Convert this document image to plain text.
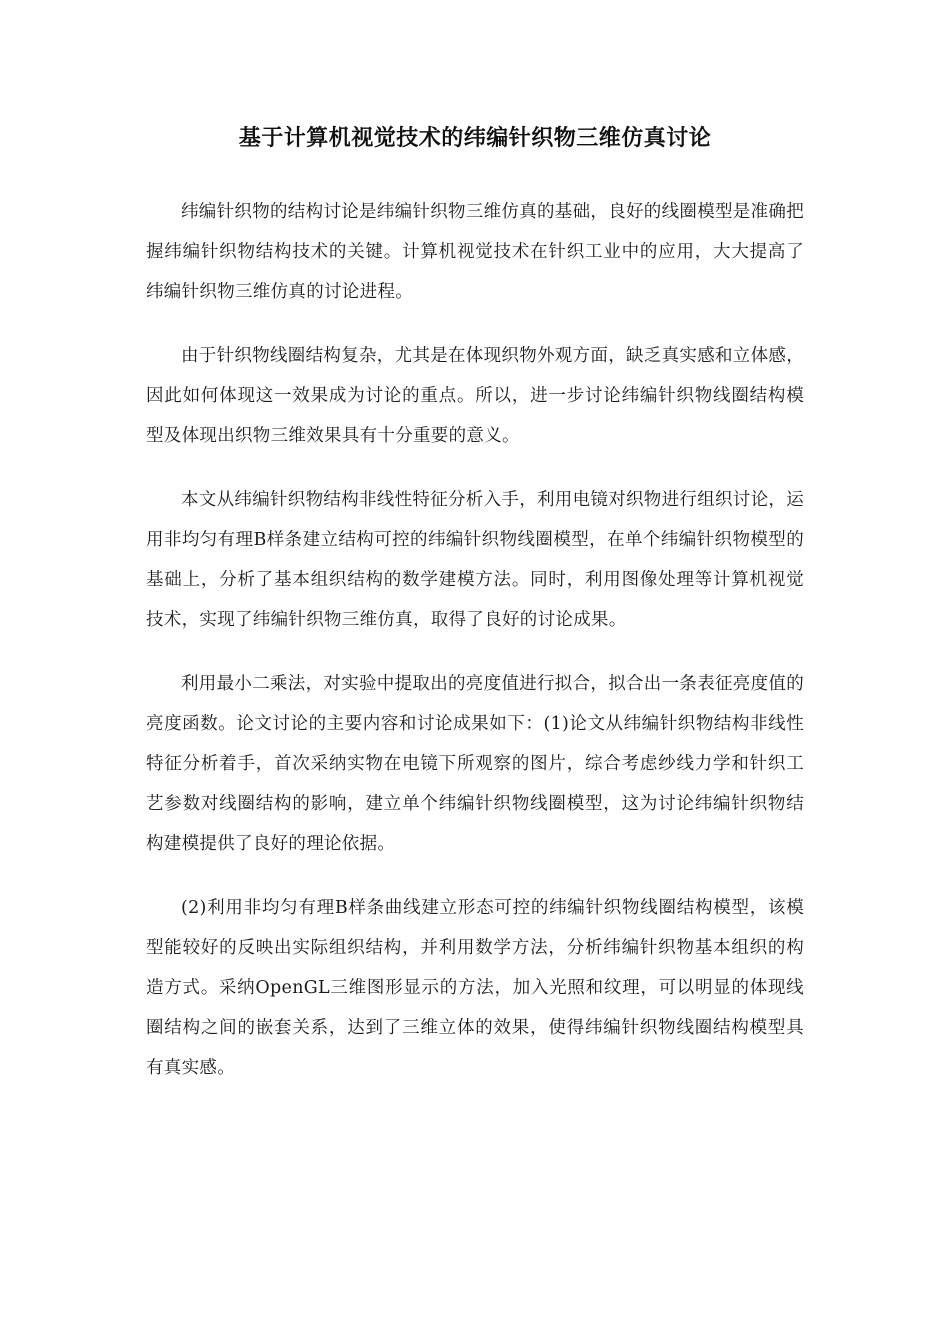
基于计算机视觉技术的纬编针织物三维仿真讨论

纬编针织物的结构讨论是纬编针织物三维仿真的基础，良好的线圈模型是准确把握纬编针织物结构技术的关键。计算机视觉技术在针织工业中的应用，大大提高了纬编针织物三维仿真的讨论进程。

由于针织物线圈结构复杂，尤其是在体现织物外观方面，缺乏真实感和立体感，因此如何体现这一效果成为讨论的重点。所以，进一步讨论纬编针织物线圈结构模型及体现出织物三维效果具有十分重要的意义。

本文从纬编针织物结构非线性特征分析入手，利用电镜对织物进行组织讨论，运用非均匀有理B样条建立结构可控的纬编针织物线圈模型，在单个纬编针织物模型的基础上，分析了基本组织结构的数学建模方法。同时，利用图像处理等计算机视觉技术，实现了纬编针织物三维仿真，取得了良好的讨论成果。

利用最小二乘法，对实验中提取出的亮度值进行拟合，拟合出一条表征亮度值的亮度函数。论文讨论的主要内容和讨论成果如下：(1)论文从纬编针织物结构非线性特征分析着手，首次采纳实物在电镜下所观察的图片，综合考虑纱线力学和针织工艺参数对线圈结构的影响，建立单个纬编针织物线圈模型，这为讨论纬编针织物结构建模提供了良好的理论依据。

(2)利用非均匀有理B样条曲线建立形态可控的纬编针织物线圈结构模型，该模型能较好的反映出实际组织结构，并利用数学方法，分析纬编针织物基本组织的构造方式。采纳OpenGL三维图形显示的方法，加入光照和纹理，可以明显的体现线圈结构之间的嵌套关系，达到了三维立体的效果，使得纬编针织物线圈结构模型具有真实感。
